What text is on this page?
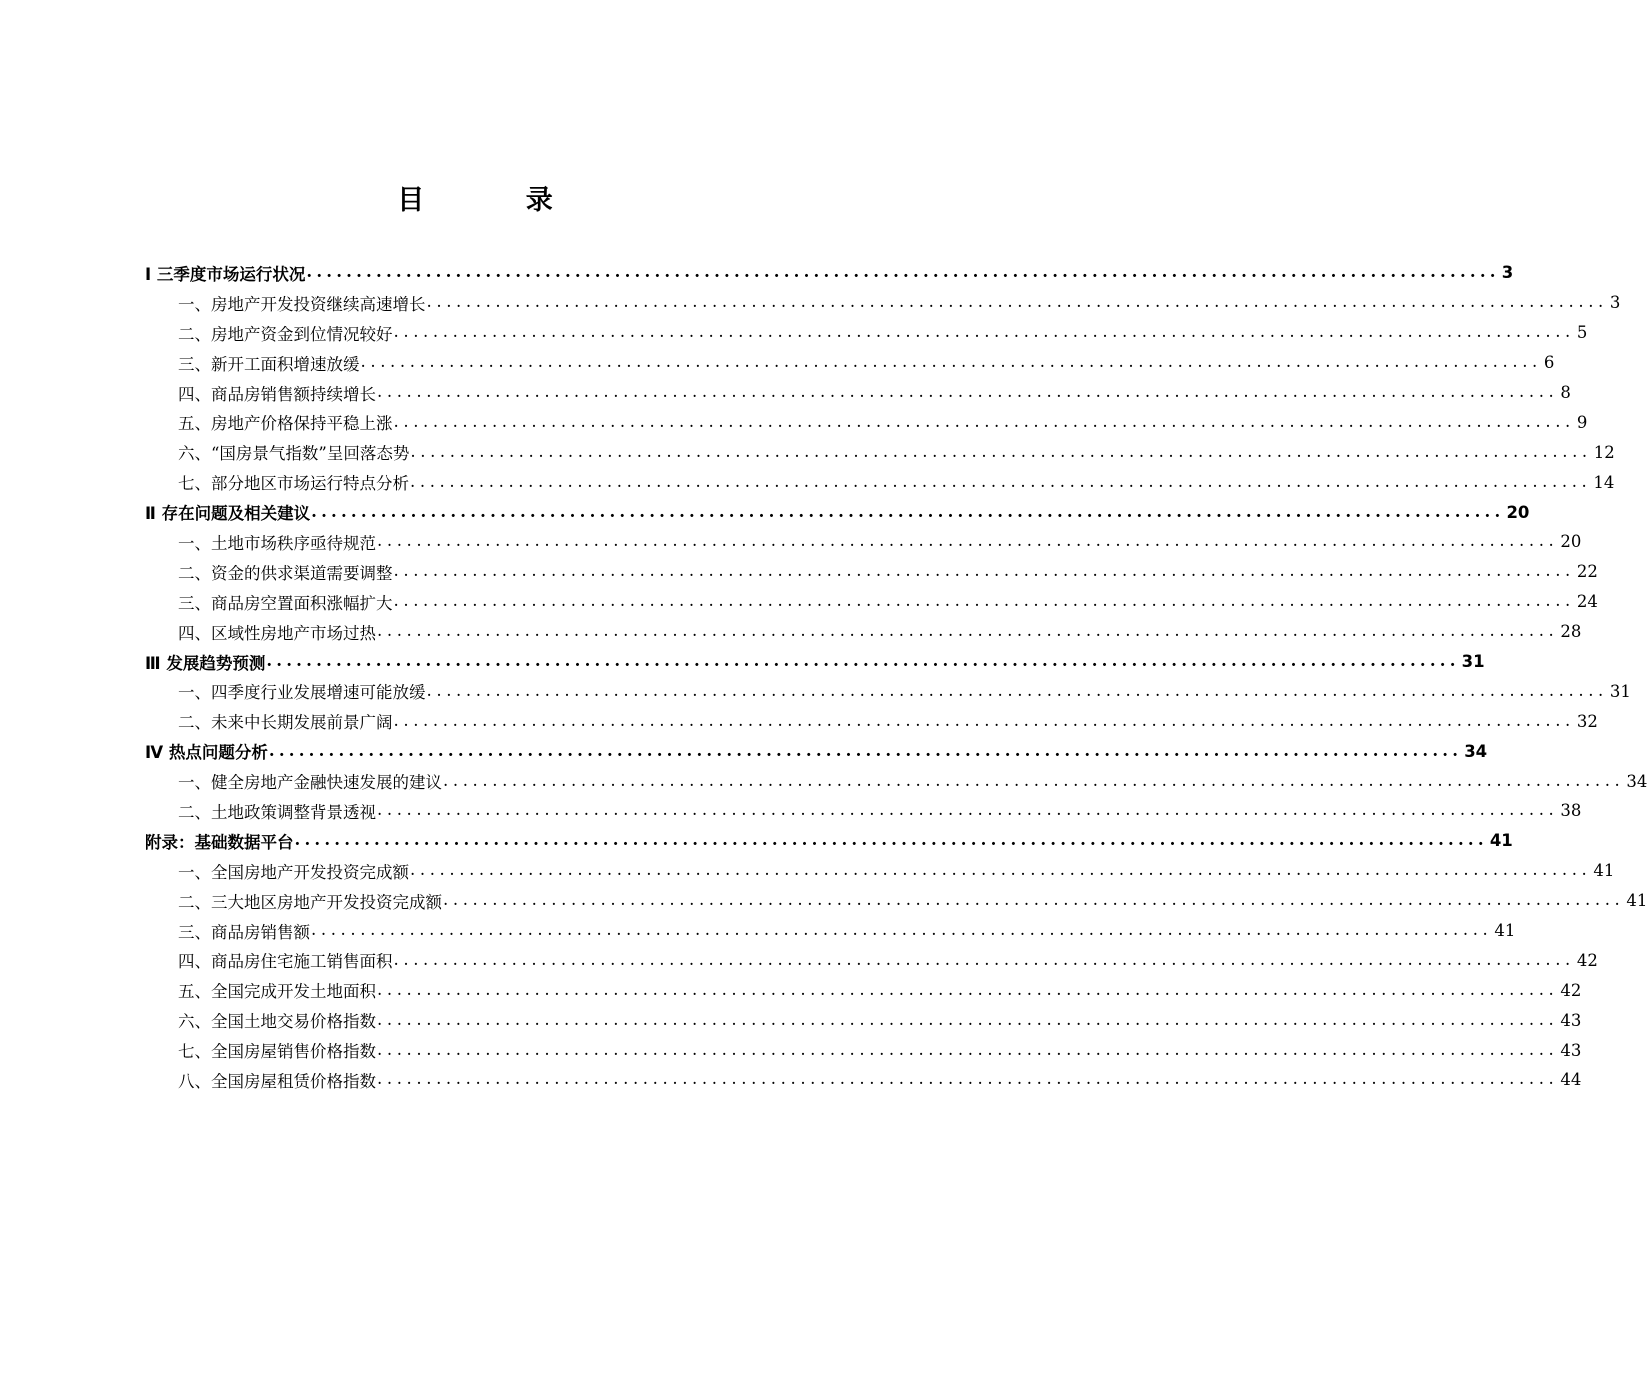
目 录
Ⅰ 三季度市场运行状况 ........................................................................................................................ 3
一、房地产开发投资继续高速增长 ........................................................................................................................ 3
二、房地产资金到位情况较好 ........................................................................................................................ 5
三、新开工面积增速放缓 ........................................................................................................................ 6
四、商品房销售额持续增长 ........................................................................................................................ 8
五、房地产价格保持平稳上涨 ........................................................................................................................ 9
六、“国房景气指数”呈回落态势 ........................................................................................................................ 12
七、部分地区市场运行特点分析 ........................................................................................................................ 14
Ⅱ 存在问题及相关建议 ........................................................................................................................ 20
一、土地市场秩序亟待规范 ........................................................................................................................ 20
二、资金的供求渠道需要调整 ........................................................................................................................ 22
三、商品房空置面积涨幅扩大 ........................................................................................................................ 24
四、区域性房地产市场过热 ........................................................................................................................ 28
Ⅲ 发展趋势预测 ........................................................................................................................ 31
一、四季度行业发展增速可能放缓 ........................................................................................................................ 31
二、未来中长期发展前景广阔 ........................................................................................................................ 32
Ⅳ 热点问题分析 ........................................................................................................................ 34
一、健全房地产金融快速发展的建议 ........................................................................................................................ 34
二、土地政策调整背景透视 ........................................................................................................................ 38
附录：基础数据平台 ........................................................................................................................ 41
一、全国房地产开发投资完成额 ........................................................................................................................ 41
二、三大地区房地产开发投资完成额 ........................................................................................................................ 41
三、商品房销售额 ........................................................................................................................ 41
四、商品房住宅施工销售面积 ........................................................................................................................ 42
五、全国完成开发土地面积 ........................................................................................................................ 42
六、全国土地交易价格指数 ........................................................................................................................ 43
七、全国房屋销售价格指数 ........................................................................................................................ 43
八、全国房屋租赁价格指数 ........................................................................................................................ 44
